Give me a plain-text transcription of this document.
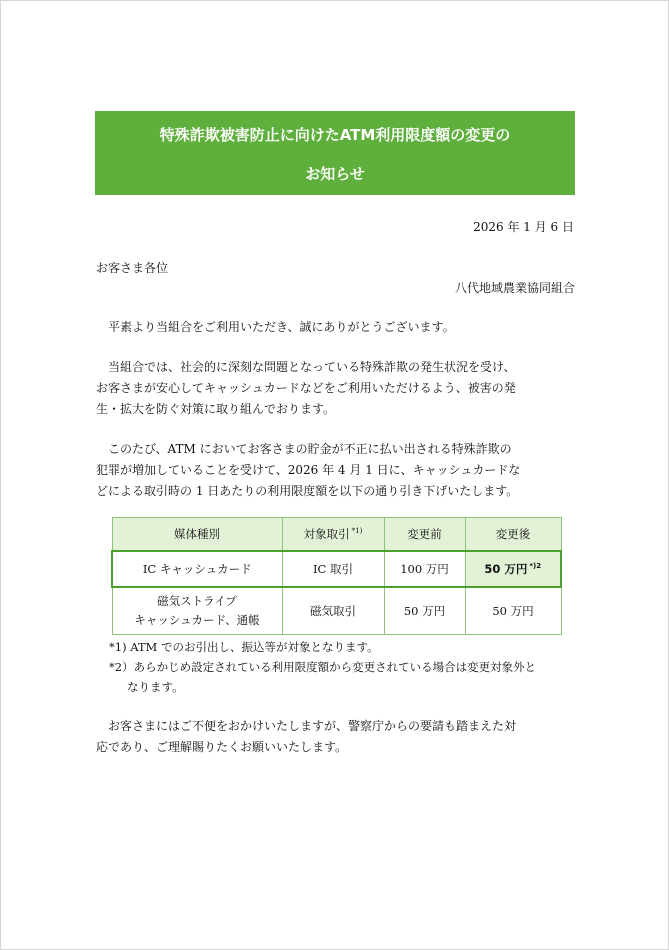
特殊詐欺被害防止に向けたATM利用限度額の変更の
お知らせ
2026 年 1 月 6 日
お客さま各位
八代地域農業協同組合
　平素より当組合をご利用いただき、誠にありがとうございます。
　当組合では、社会的に深刻な問題となっている特殊詐欺の発生状況を受け、
お客さまが安心してキャッシュカードなどをご利用いただけるよう、被害の発
生・拡大を防ぐ対策に取り組んでおります。
　このたび、ATM においてお客さまの貯金が不正に払い出される特殊詐欺の
犯罪が増加していることを受けて、2026 年 4 月 1 日に、キャッシュカードな
どによる取引時の 1 日あたりの利用限度額を以下の通り引き下げいたします。
媒体種別	対象取引 $^{*1)}$	変更前	変更後
IC キャッシュカード	IC 取引	100 万円	50 万円 $^{*)2}$

磁気ストライプ
キャッシュカード、通帳	磁気取引	50 万円	50 万円
*1) ATM でのお引出し、振込等が対象となります。
*2）あらかじめ設定されている利用限度額から変更されている場合は変更対象外と
なります。
　お客さまにはご不便をおかけいたしますが、警察庁からの要請も踏まえた対
応であり、ご理解賜りたくお願いいたします。
